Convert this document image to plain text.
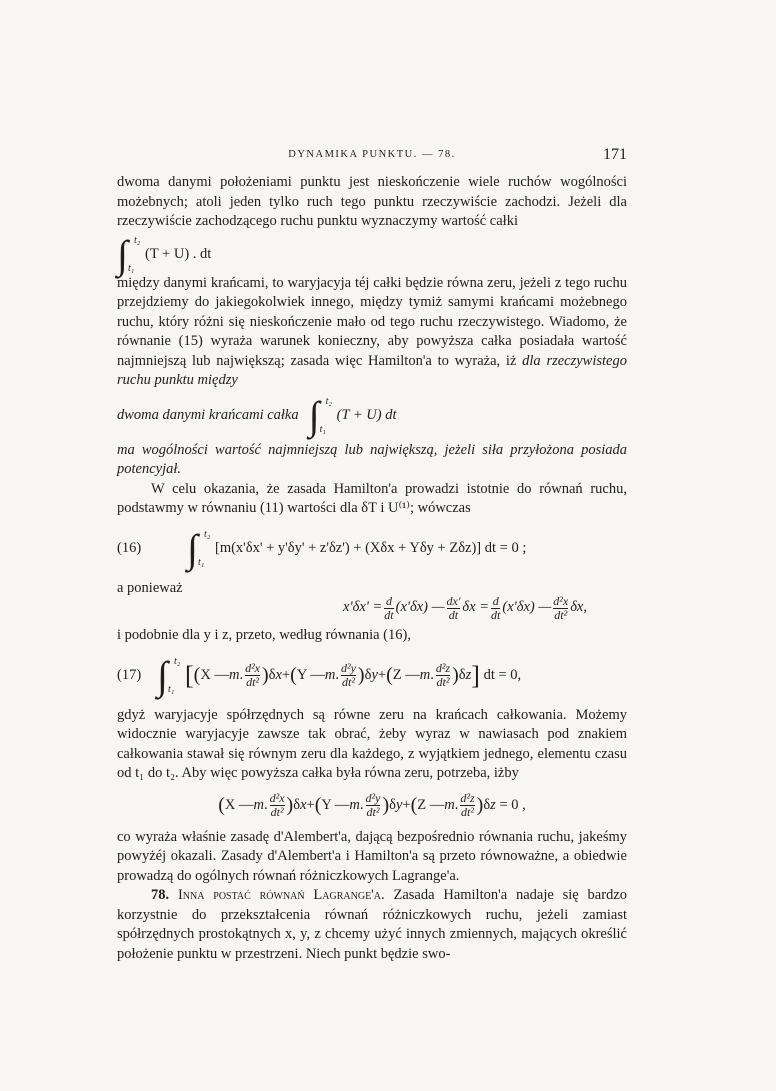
DYNAMIKA PUNKTU. — 78.	171

dwoma danymi położeniami punktu jest nieskończenie wiele ruchów wogólności możebnych; atoli jeden tylko ruch tego punktu rzeczywiście zachodzi. Jeżeli dla rzeczywiście zachodzącego ruchu punktu wyznaczymy wartość całki

∫ t₂
t₁
(T + U) . dt

między danymi krańcami, to waryjacyja téj całki będzie równa zeru, jeżeli z tego ruchu przejdziemy do jakiegokolwiek innego, między tymiż samymi krańcami możebnego ruchu, który różni się nieskończenie mało od tego ruchu rzeczywistego. Wiadomo, że równanie (15) wyraża warunek konieczny, aby powyższa całka posiadała wartość najmniejszą lub największą; zasada więc Hamilton'a to wyraża, iż dla rzeczywistego ruchu punktu między

dwoma danymi krańcami całka ∫ t₂
t₁
(T + U) dt

ma wogólności wartość najmniejszą lub największą, jeżeli siła przyłożona posiada potencyjał.

W celu okazania, że zasada Hamilton'a prowadzi istotnie do równań ruchu, podstawmy w równaniu (11) wartości dla δT i U⁽¹⁾; wówczas

(16)	∫ t₂
t₁
[m(x'δx' + y'δy' + z'δz') + (Xδx + Yδy + Zδz)] dt = 0 ;

a ponieważ

$x'\delta x' = \frac{d}{dt} (x'\delta x)$ — $\frac{dx'}{dt}$ $\delta x = \frac{d}{dt} (x'\delta x)$ — $\frac{\text{d²x}}{\text{dt²}} \delta x$,

i podobnie dla y i z, przeto, według równania (16),

(17) ∫ t₂
t₁ [ ( X — m . $\frac{\text{d²x}}{\text{dt²}}$ ) δ x + ( Y — m . $\frac{\text{d²y}}{\text{dt²}}$ ) δ y + ( Z — m . $\frac{\text{d²z}}{\text{dt²}}$ ) δ z ]
dt = 0,

gdyż waryjacyje spółrzędnych są równe zeru na krańcach całkowania. Możemy widocznie waryjacyje zawsze tak obrać, żeby wyraz w nawiasach pod znakiem całkowania stawał się równym zeru dla każdego, z wyjątkiem jednego, elementu czasu od t₁ do t₂. Aby więc powyższa całka była równa zeru, potrzeba, iżby

( X — m . $\frac{\text{d²x}}{\text{dt²}}$ ) δ x + ( Y — m . $\frac{\text{d²y}}{\text{dt²}}$ ) δ y + ( Z — m . $\frac{\text{d²z}}{\text{dt²}}$ ) δ z
= 0 ,

co wyraża właśnie zasadę d'Alembert'a, dającą bezpośrednio równania ruchu, jakeśmy powyżéj okazali. Zasady d'Alembert'a i Hamilton'a są przeto równoważne, a obiedwie prowadzą do ogólnych równań różniczkowych Lagrange'a.

78. Inna postać równań Lagrange'a. Zasada Hamilton'a nadaje się bardzo korzystnie do przekształcenia równań różniczkowych ruchu, jeżeli zamiast spółrzędnych prostokątnych x, y, z chcemy użyć innych zmiennych, mających określić położenie punktu w przestrzeni. Niech punkt będzie swo-
